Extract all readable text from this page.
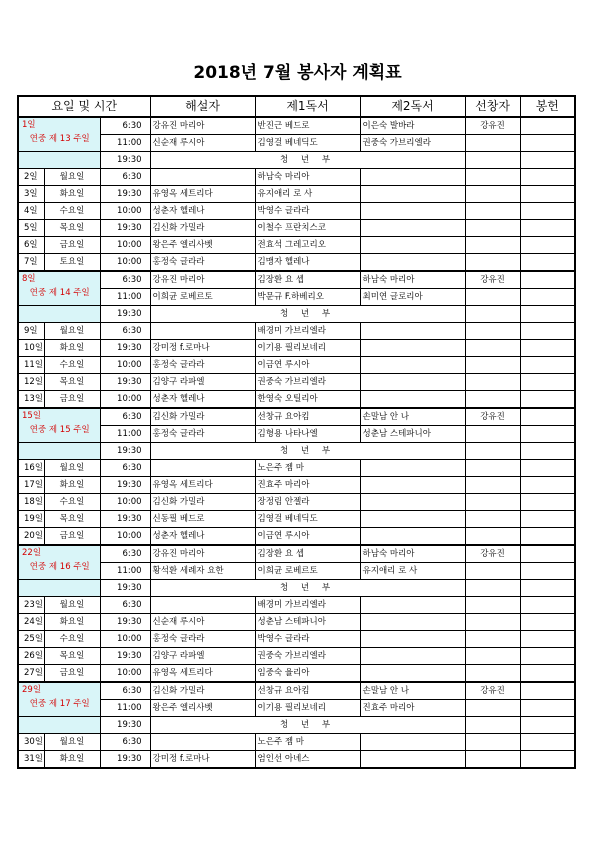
2018년 7월 봉사자 계획표
요일 및 시간			해설자	제1독서	제2독서	선창자	봉헌

1일
연중 제 13 주일		6:30	강유진 마리아	반진근 베드로	이은숙 발바라	강유진	
		11:00	신순재 루시아	김영걸 베네딕도	권중숙 가브리엘라		
		19:30	청 년 부				
2일	월요일	6:30		하남숙 마리아			
3일	화요일	19:30	유영옥 세트리다	유지애리 로 사			
4일	수요일	10:00	성춘자 헬레나	박영수 글라라			
5일	목요일	19:30	김신화 가밀라	이철수 프란치스코			
6일	금요일	10:00	왕은주 엘리사벳	전효석 그레고리오			
7일	토요일	10:00	홍정숙 글라라	김맹자 헬레나			

8일
연중 제 14 주일		6:30	강유진 마리아	김장환 요 셉	하남숙 마리아	강유진	
		11:00	이희균 로베르토	박문규 F.하베리오	최미연 글로리아		
		19:30	청 년 부				
9일	월요일	6:30		배경미 가브리엘라			
10일	화요일	19:30	강미정 f.로마나	이기용 필리보네리			
11일	수요일	10:00	홍정숙 글라라	이금연 루시아			
12일	목요일	19:30	김양구 라파엘	권중숙 가브리엘라			
13일	금요일	10:00	성춘자 헬레나	한영숙 오틸리아			

15일
연중 제 15 주일		6:30	김신화 가밀라	선창규 요아킴	손말남 안 나	강유진	
		11:00	홍정숙 글라라	김형용 나타나엘	성춘남 스테파니아		
		19:30	청 년 부				
16일	월요일	6:30		노은주 젬 마			
17일	화요일	19:30	유영옥 세트리다	진효주 마리아			
18일	수요일	10:00	김신화 가밀라	장정림 안젤라			
19일	목요일	19:30	신동필 베드로	김영걸 베네딕도			
20일	금요일	10:00	성춘자 헬레나	이금연 루시아			

22일
연중 제 16 주일		6:30	강유진 마리아	김장환 요 셉	하남숙 마리아	강유진	
		11:00	황석환 세례자 요한	이희균 로베르토	유지애리 로 사		
		19:30	청 년 부				
23일	월요일	6:30		배경미 가브리엘라			
24일	화요일	19:30	신순재 루시아	성춘남 스테파니아			
25일	수요일	10:00	홍정숙 글라라	박영수 글라라			
26일	목요일	19:30	김양구 라파엘	권중숙 가브리엘라			
27일	금요일	10:00	유영옥 세트리다	임중숙 율리아			

29일
연중 제 17 주일		6:30	김신화 가밀라	선창규 요아킴	손말남 안 나	강유진	
		11:00	왕은주 엘리사벳	이기용 필리보네리	진효주 마리아		
		19:30	청 년 부				
30일	월요일	6:30		노은주 젬 마			
31일	화요일	19:30	강미정 f.로마나	엄인선 아녜스			
